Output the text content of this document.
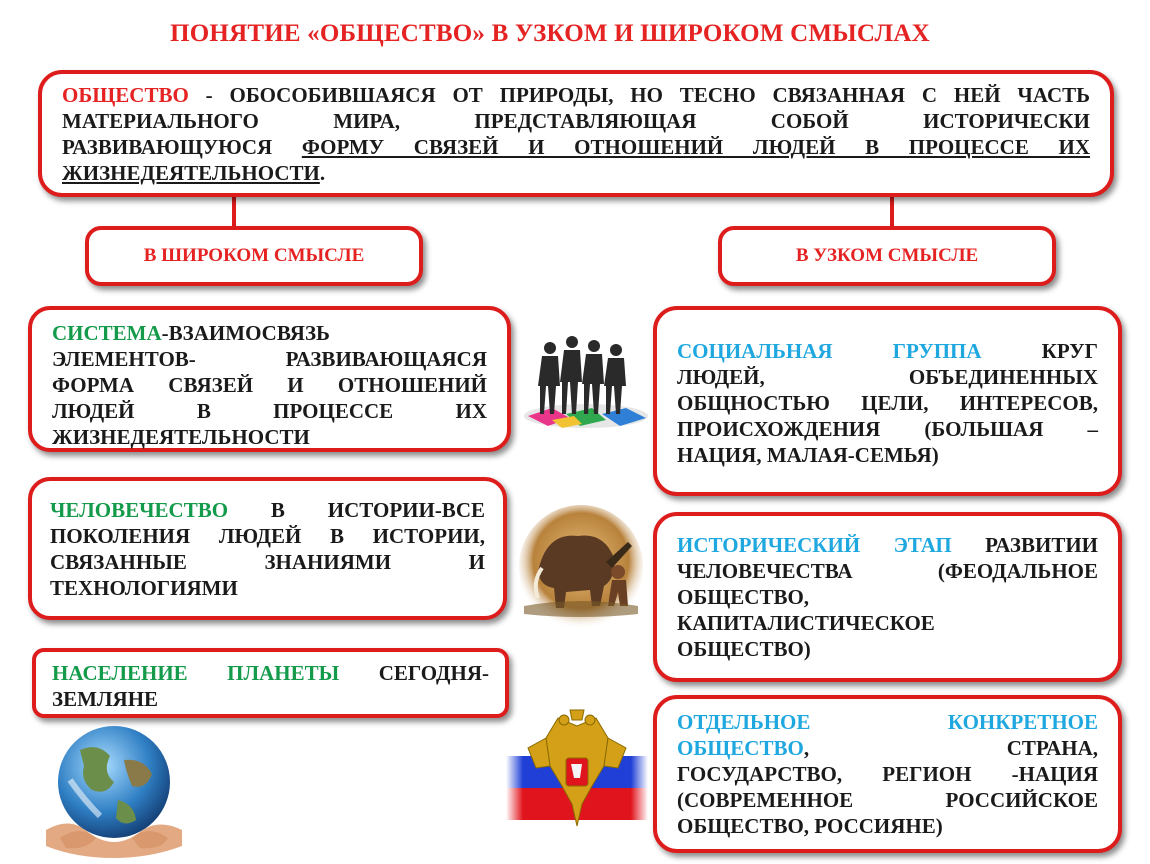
ПОНЯТИЕ «ОБЩЕСТВО» В УЗКОМ И ШИРОКОМ СМЫСЛАХ
ОБЩЕСТВО - ОБОСОБИВШАЯСЯ ОТ ПРИРОДЫ, НО ТЕСНО СВЯЗАННАЯ С НЕЙ ЧАСТЬ
МАТЕРИАЛЬНОГО МИРА, ПРЕДСТАВЛЯЮЩАЯ СОБОЙ ИСТОРИЧЕСКИ
РАЗВИВАЮЩУЮСЯ ФОРМУ СВЯЗЕЙ И ОТНОШЕНИЙ ЛЮДЕЙ В ПРОЦЕССЕ ИХ
ЖИЗНЕДЕЯТЕЛЬНОСТИ.
В ШИРОКОМ СМЫСЛЕ	В УЗКОМ СМЫСЛЕ
СИСТЕМА-ВЗАИМОСВЯЗЬ

ЭЛЕМЕНТОВ- РАЗВИВАЮЩАЯСЯ
ФОРМА СВЯЗЕЙ И ОТНОШЕНИЙ
ЛЮДЕЙ В ПРОЦЕССЕ ИХ
ЖИЗНЕДЕЯТЕЛЬНОСТИ
ЧЕЛОВЕЧЕСТВО В ИСТОРИИ-ВСЕ
ПОКОЛЕНИЯ ЛЮДЕЙ В ИСТОРИИ,
СВЯЗАННЫЕ ЗНАНИЯМИ И
ТЕХНОЛОГИЯМИ
НАСЕЛЕНИЕ ПЛАНЕТЫ СЕГОДНЯ-
ЗЕМЛЯНЕ
СОЦИАЛЬНАЯ ГРУППА КРУГ
ЛЮДЕЙ, ОБЪЕДИНЕННЫХ
ОБЩНОСТЬЮ ЦЕЛИ, ИНТЕРЕСОВ,
ПРОИСХОЖДЕНИЯ (БОЛЬШАЯ –
НАЦИЯ, МАЛАЯ-СЕМЬЯ)
ИСТОРИЧЕСКИЙ ЭТАП РАЗВИТИИ
ЧЕЛОВЕЧЕСТВА (ФЕОДАЛЬНОЕ
ОБЩЕСТВО,
КАПИТАЛИСТИЧЕСКОЕ
ОБЩЕСТВО)
ОТДЕЛЬНОЕ КОНКРЕТНОЕ
ОБЩЕСТВО, СТРАНА,
ГОСУДАРСТВО, РЕГИОН -НАЦИЯ
(СОВРЕМЕННОЕ РОССИЙСКОЕ
ОБЩЕСТВО, РОССИЯНЕ)
